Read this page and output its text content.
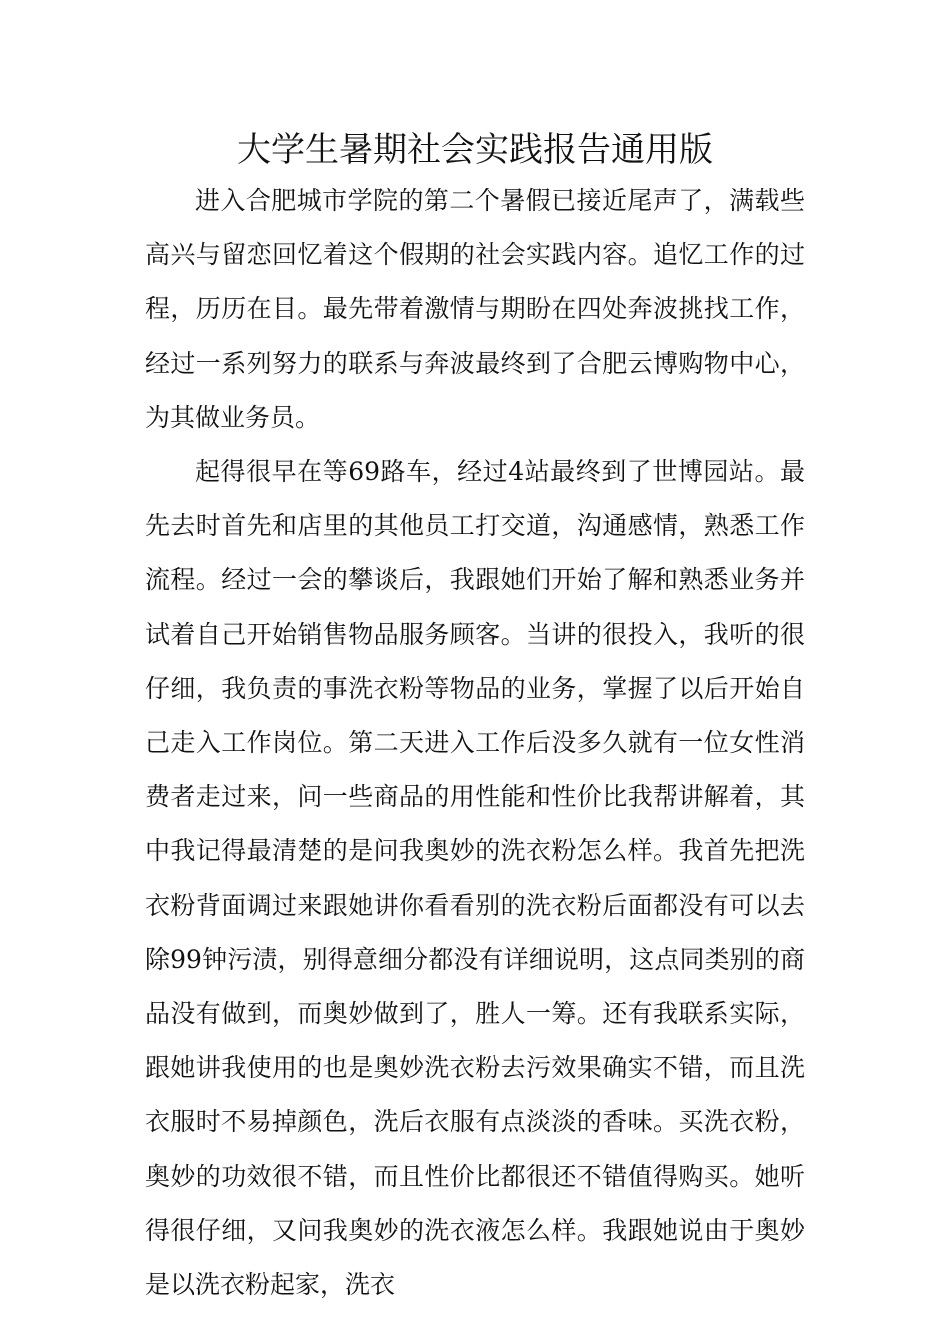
大学生暑期社会实践报告通用版

进入合肥城市学院的第二个暑假已接近尾声了，满载些高兴与留恋回忆着这个假期的社会实践内容。追忆工作的过程，历历在目。最先带着激情与期盼在四处奔波挑找工作，经过一系列努力的联系与奔波最终到了合肥云博购物中心，为其做业务员。

起得很早在等69路车，经过4站最终到了世博园站。最先去时首先和店里的其他员工打交道，沟通感情，熟悉工作流程。经过一会的攀谈后，我跟她们开始了解和熟悉业务并试着自己开始销售物品服务顾客。当讲的很投入，我听的很仔细，我负责的事洗衣粉等物品的业务，掌握了以后开始自己走入工作岗位。第二天进入工作后没多久就有一位女性消费者走过来，问一些商品的用性能和性价比我帮讲解着，其中我记得最清楚的是问我奥妙的洗衣粉怎么样。我首先把洗衣粉背面调过来跟她讲你看看别的洗衣粉后面都没有可以去除99钟污渍，别得意细分都没有详细说明，这点同类别的商品没有做到，而奥妙做到了，胜人一筹。还有我联系实际，跟她讲我使用的也是奥妙洗衣粉去污效果确实不错，而且洗衣服时不易掉颜色，洗后衣服有点淡淡的香味。买洗衣粉，奥妙的功效很不错，而且性价比都很还不错值得购买。她听得很仔细，又问我奥妙的洗衣液怎么样。我跟她说由于奥妙是以洗衣粉起家，洗衣
